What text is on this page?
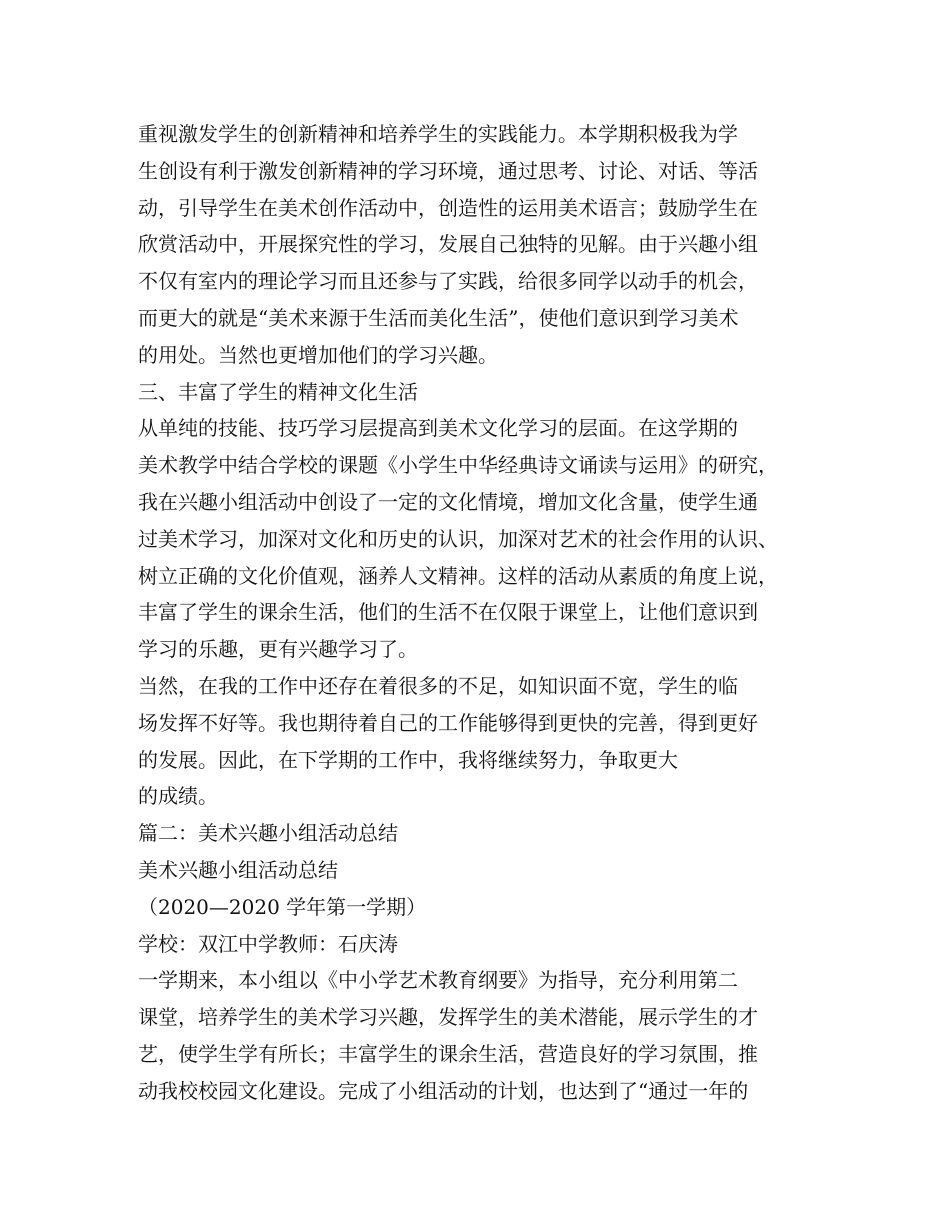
重视激发学生的创新精神和培养学生的实践能力。本学期积极我为学
生创设有利于激发创新精神的学习环境，通过思考、讨论、对话、等活
动，引导学生在美术创作活动中，创造性的运用美术语言；鼓励学生在
欣赏活动中，开展探究性的学习，发展自己独特的见解。由于兴趣小组
不仅有室内的理论学习而且还参与了实践，给很多同学以动手的机会，
而更大的就是“美术来源于生活而美化生活”，使他们意识到学习美术
的用处。当然也更增加他们的学习兴趣。
三、丰富了学生的精神文化生活
从单纯的技能、技巧学习层提高到美术文化学习的层面。在这学期的
美术教学中结合学校的课题《小学生中华经典诗文诵读与运用》的研究，
我在兴趣小组活动中创设了一定的文化情境，增加文化含量，使学生通
过美术学习，加深对文化和历史的认识，加深对艺术的社会作用的认识、
树立正确的文化价值观，涵养人文精神。这样的活动从素质的角度上说，
丰富了学生的课余生活，他们的生活不在仅限于课堂上，让他们意识到
学习的乐趣，更有兴趣学习了。
当然，在我的工作中还存在着很多的不足，如知识面不宽，学生的临
场发挥不好等。我也期待着自己的工作能够得到更快的完善，得到更好
的发展。因此，在下学期的工作中，我将继续努力，争取更大
的成绩。
篇二：美术兴趣小组活动总结
美术兴趣小组活动总结
（2020—2020 学年第一学期）
学校：双江中学教师：石庆涛
一学期来，本小组以《中小学艺术教育纲要》为指导，充分利用第二
课堂，培养学生的美术学习兴趣，发挥学生的美术潜能，展示学生的才
艺，使学生学有所长；丰富学生的课余生活，营造良好的学习氛围，推
动我校校园文化建设。完成了小组活动的计划，也达到了“通过一年的
